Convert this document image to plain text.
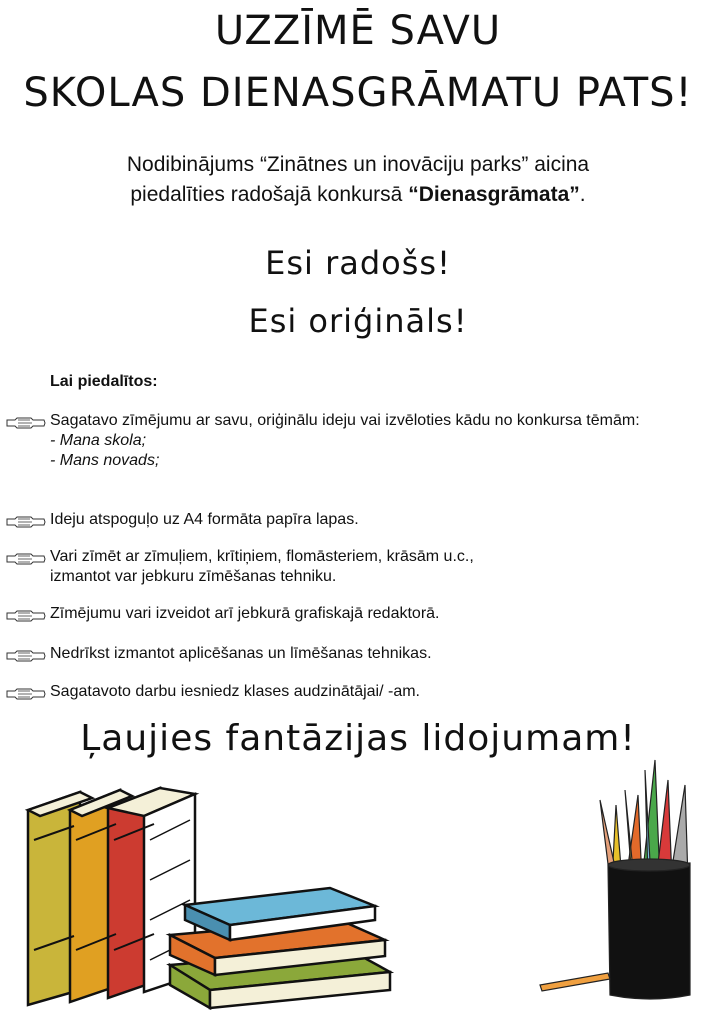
UZZĪMĒ SAVU
SKOLAS DIENASGRĀMATU PATS!
Nodibinājums “Zinātnes un inovāciju parks” aicina
piedalīties radošajā konkursā “Dienasgrāmata”.
Esi radošs!
Esi oriģināls!
Lai piedalītos:
Sagatavo zīmējumu ar savu, oriģinālu ideju vai izvēloties kādu no konkursa tēmām:
- Mana skola;
- Mans novads;
Ideju atspoguļo uz A4 formāta papīra lapas.
Vari zīmēt ar zīmuļiem, krītiņiem, flomāsteriem, krāsām u.c.,
izmantot var jebkuru zīmēšanas tehniku.
Zīmējumu vari izveidot arī jebkurā grafiskajā redaktorā.
Nedrīkst izmantot aplicēšanas un līmēšanas tehnikas.
Sagatavoto darbu iesniedz klases audzinātājai/ -am.
Ļaujies fantāzijas lidojumam!
